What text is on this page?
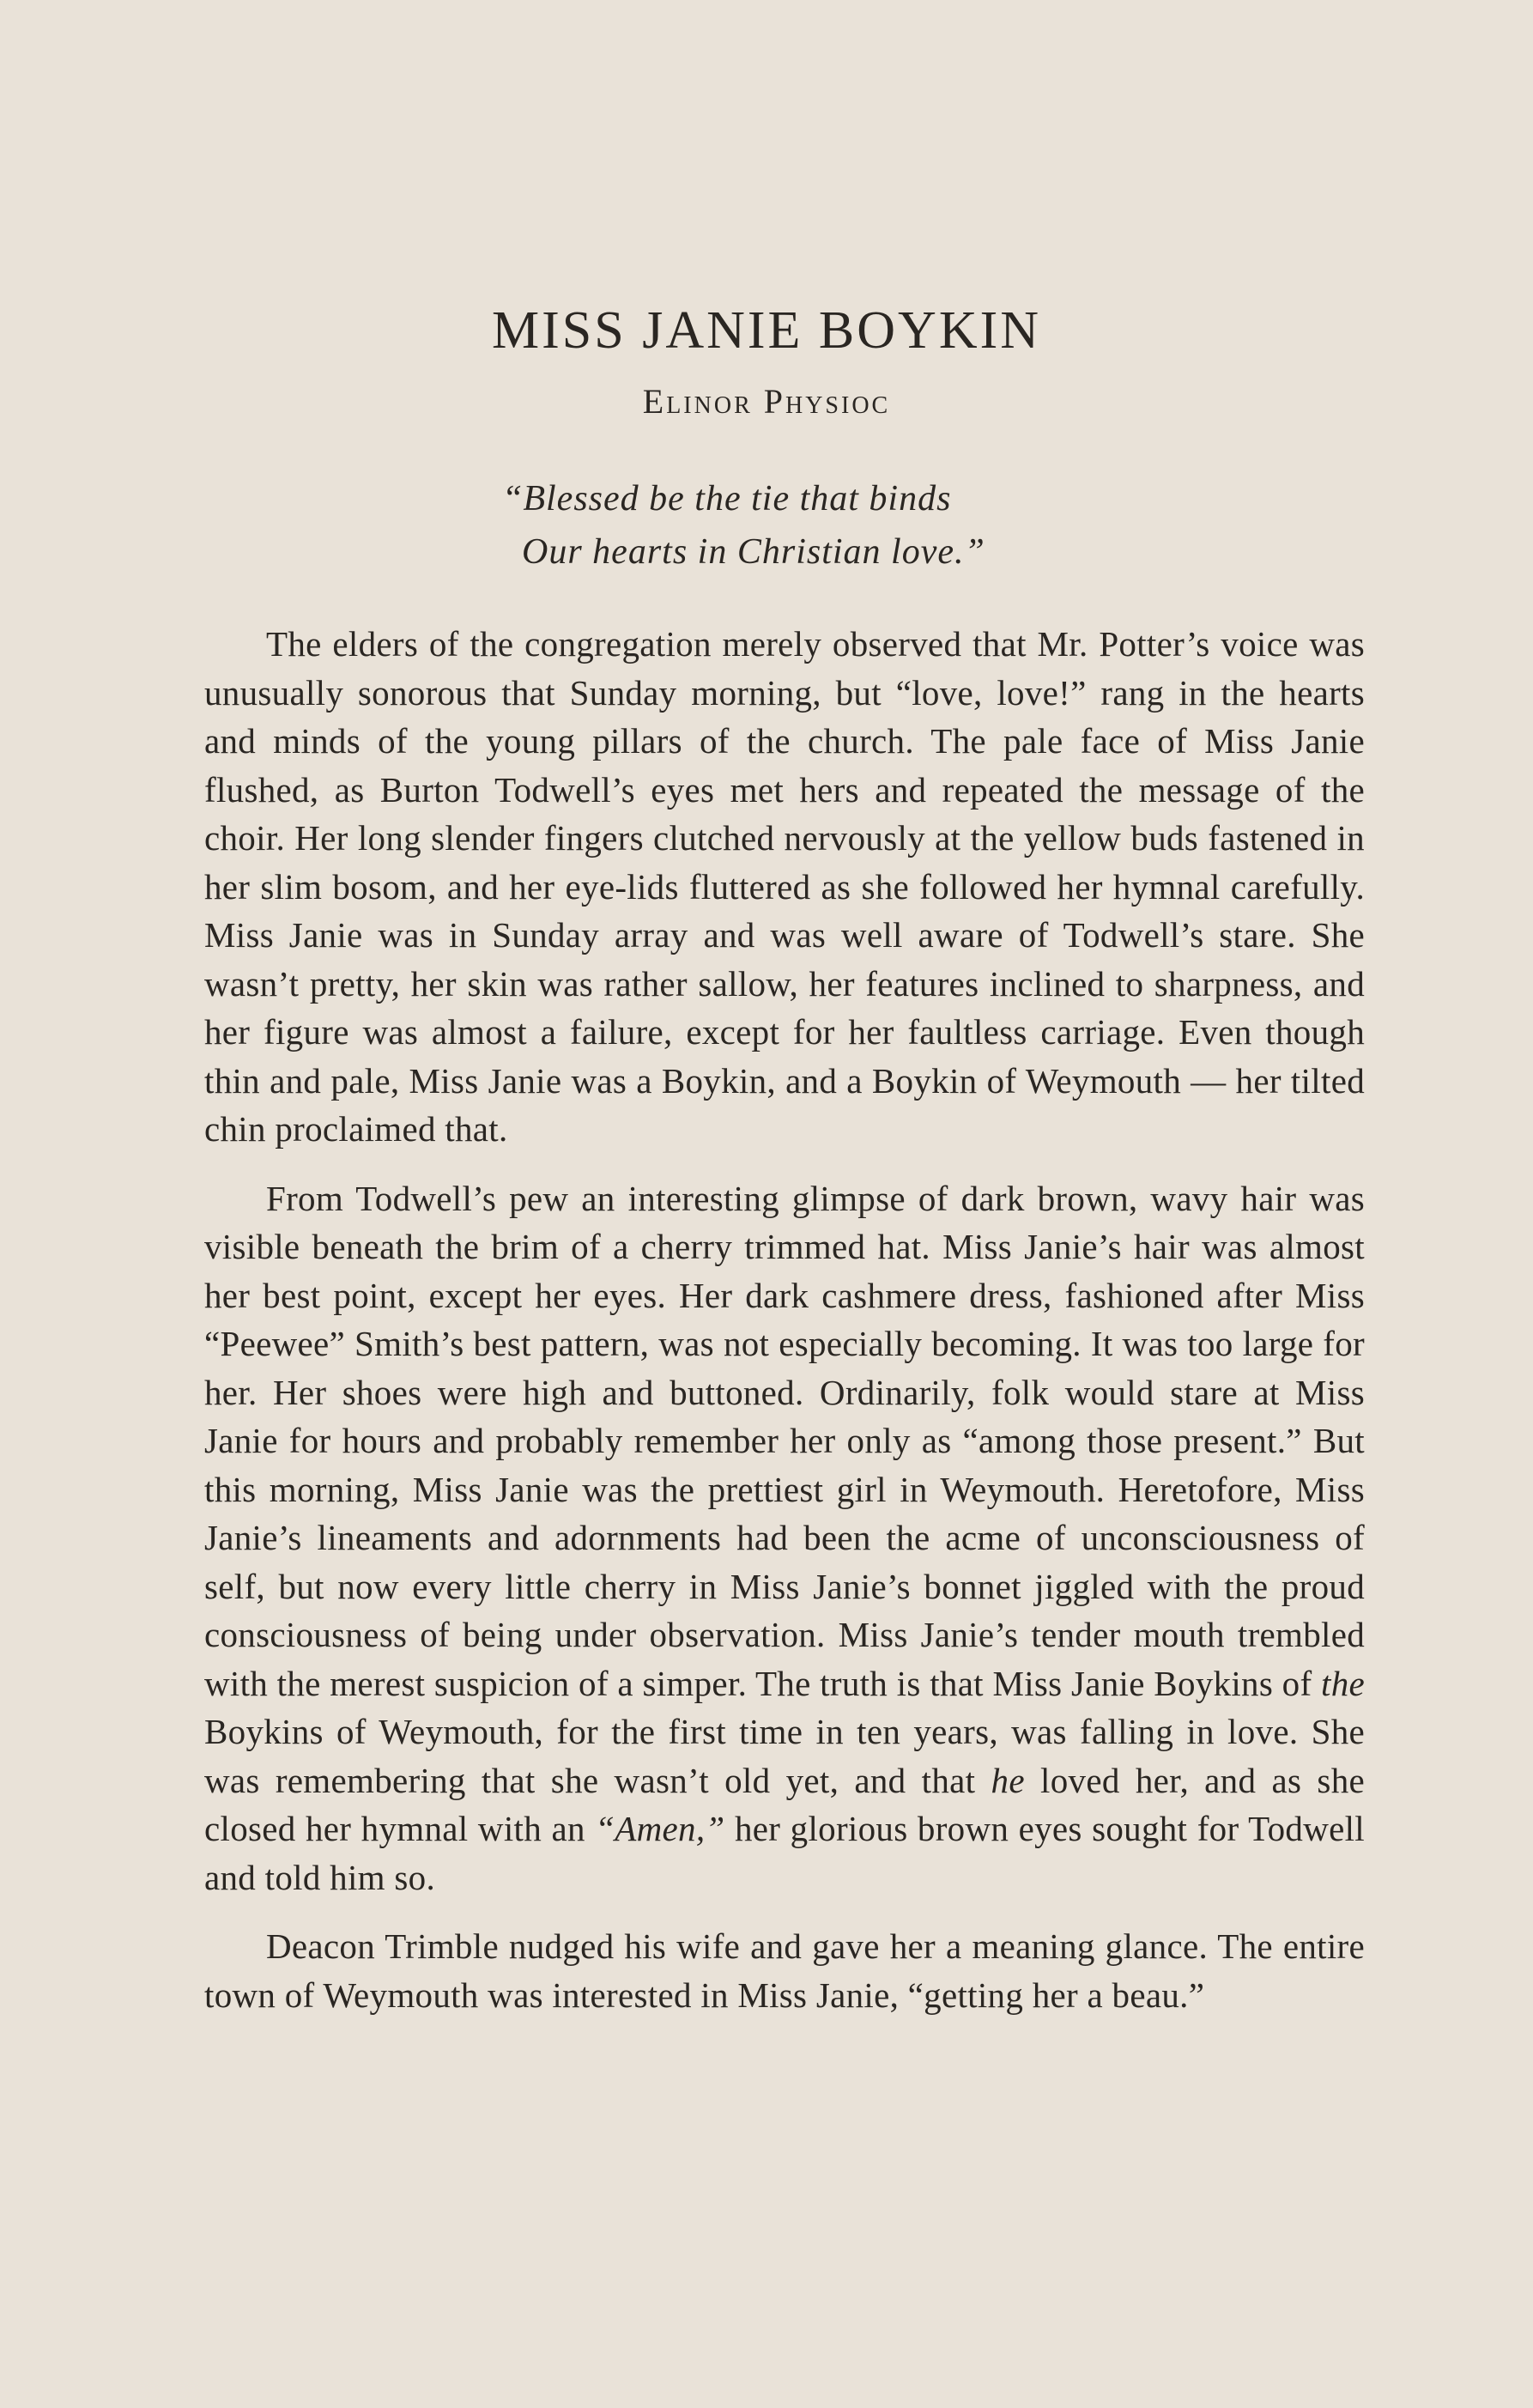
MISS JANIE BOYKIN
Elinor Physioc
“Blessed be the tie that binds
Our hearts in Christian love.”

The elders of the congregation merely observed that Mr. Potter’s voice was unusually sonorous that Sunday morning, but “love, love!” rang in the hearts and minds of the young pillars of the church. The pale face of Miss Janie flushed, as Burton Todwell’s eyes met hers and repeated the message of the choir. Her long slender fingers clutched nervously at the yellow buds fastened in her slim bosom, and her eye-lids fluttered as she followed her hymnal carefully. Miss Janie was in Sunday array and was well aware of Todwell’s stare. She wasn’t pretty, her skin was rather sallow, her features inclined to sharpness, and her figure was almost a failure, except for her faultless carriage. Even though thin and pale, Miss Janie was a Boykin, and a Boykin of Weymouth — her tilted chin proclaimed that.

From Todwell’s pew an interesting glimpse of dark brown, wavy hair was visible beneath the brim of a cherry trimmed hat. Miss Janie’s hair was almost her best point, except her eyes. Her dark cashmere dress, fashioned after Miss “Peewee” Smith’s best pattern, was not especially becoming. It was too large for her. Her shoes were high and buttoned. Ordinarily, folk would stare at Miss Janie for hours and probably remember her only as “among those present.” But this morning, Miss Janie was the prettiest girl in Weymouth. Heretofore, Miss Janie’s lineaments and adornments had been the acme of unconsciousness of self, but now every little cherry in Miss Janie’s bonnet jiggled with the proud consciousness of being under observation. Miss Janie’s tender mouth trembled with the merest suspicion of a simper. The truth is that Miss Janie Boykins of the Boykins of Weymouth, for the first time in ten years, was falling in love. She was remembering that she wasn’t old yet, and that he loved her, and as she closed her hymnal with an “Amen,” her glorious brown eyes sought for Todwell and told him so.

Deacon Trimble nudged his wife and gave her a meaning glance. The entire town of Weymouth was interested in Miss Janie, “getting her a beau.”
